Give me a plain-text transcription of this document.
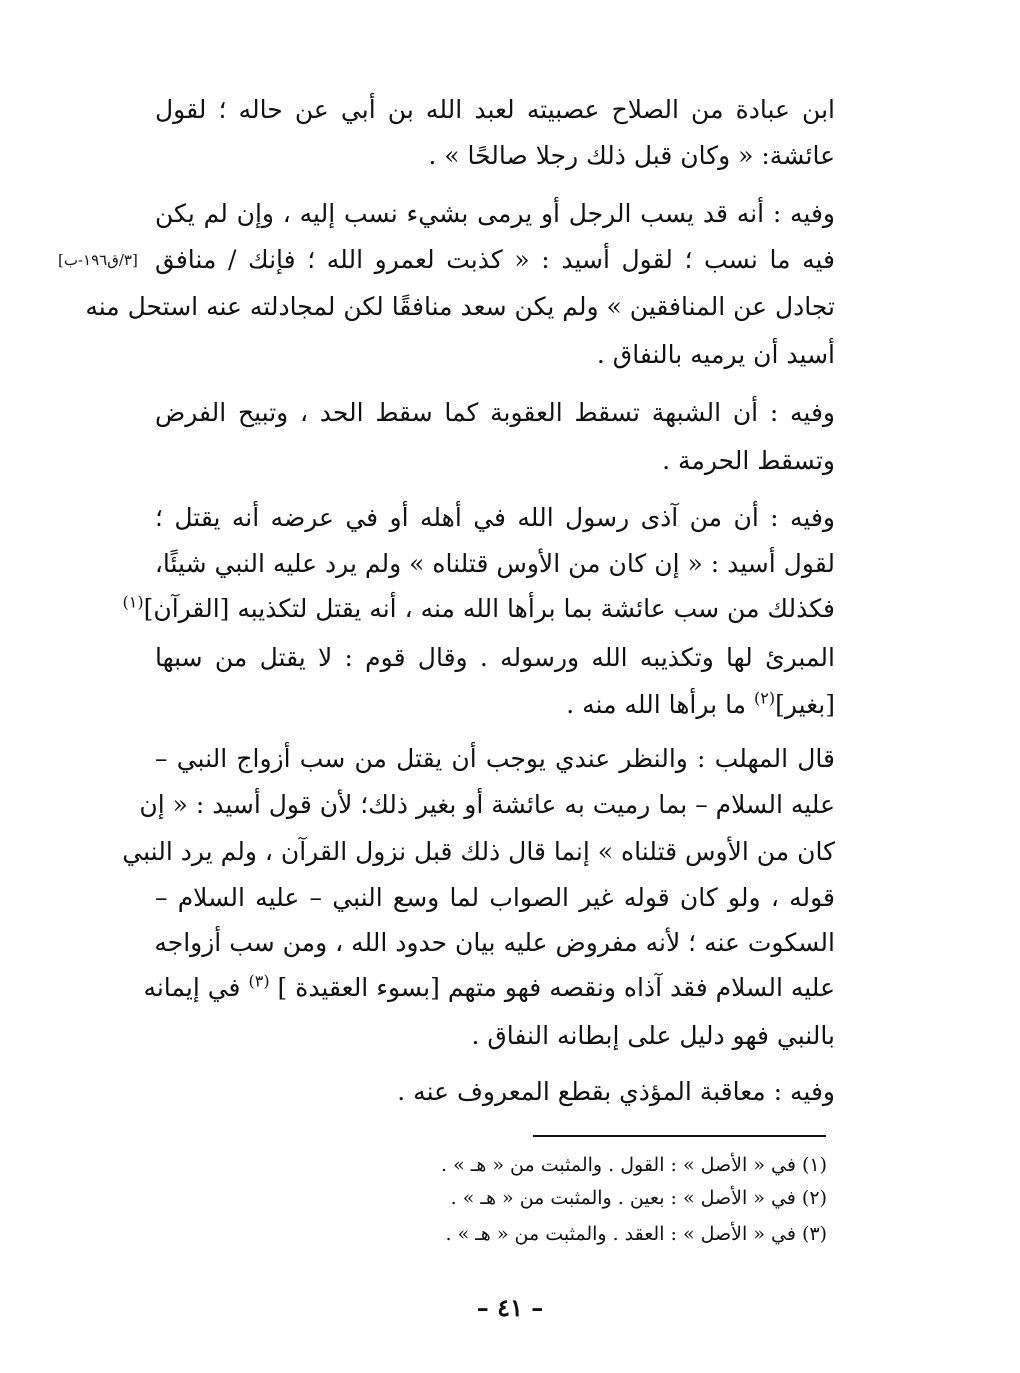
ابن عبادة من الصلاح عصبيته لعبد الله بن أبي عن حاله ؛ لقول
عائشة: « وكان قبل ذلك رجلا صالحًا » .
وفيه : أنه قد يسب الرجل أو يرمى بشيء نسب إليه ، وإن لم يكن
فيه ما نسب ؛ لقول أسيد : « كذبت لعمرو الله ؛ فإنك / منافق
[٣/ق١٩٦-ب]
تجادل عن المنافقين » ولم يكن سعد منافقًا لكن لمجادلته عنه استحل منه
أسيد أن يرميه بالنفاق .
وفيه : أن الشبهة تسقط العقوبة كما سقط الحد ، وتبيح الفرض
وتسقط الحرمة .
وفيه : أن من آذى رسول الله في أهله أو في عرضه أنه يقتل ؛
لقول أسيد : « إن كان من الأوس قتلناه » ولم يرد عليه النبي شيئًا،
فكذلك من سب عائشة بما برأها الله منه ، أنه يقتل لتكذيبه [القرآن]$^{(١)}$
المبرئ لها وتكذيبه الله ورسوله . وقال قوم : لا يقتل من سبها
[بغير]$^{(٢)}$ ما برأها الله منه .
قال المهلب : والنظر عندي يوجب أن يقتل من سب أزواج النبي –
عليه السلام – بما رميت به عائشة أو بغير ذلك؛ لأن قول أسيد : « إن
كان من الأوس قتلناه » إنما قال ذلك قبل نزول القرآن ، ولم يرد النبي
قوله ، ولو كان قوله غير الصواب لما وسع النبي – عليه السلام –
السكوت عنه ؛ لأنه مفروض عليه بيان حدود الله ، ومن سب أزواجه
عليه السلام فقد آذاه ونقصه فهو متهم [بسوء العقيدة ] $^{(٣)}$ في إيمانه
بالنبي فهو دليل على إبطانه النفاق .
وفيه : معاقبة المؤذي بقطع المعروف عنه .
(١) في « الأصل » : القول . والمثبت من « هـ » .
(٢) في « الأصل » : بعين . والمثبت من « هـ » .
(٣) في « الأصل » : العقد . والمثبت من « هـ » .
– ٤١ –
